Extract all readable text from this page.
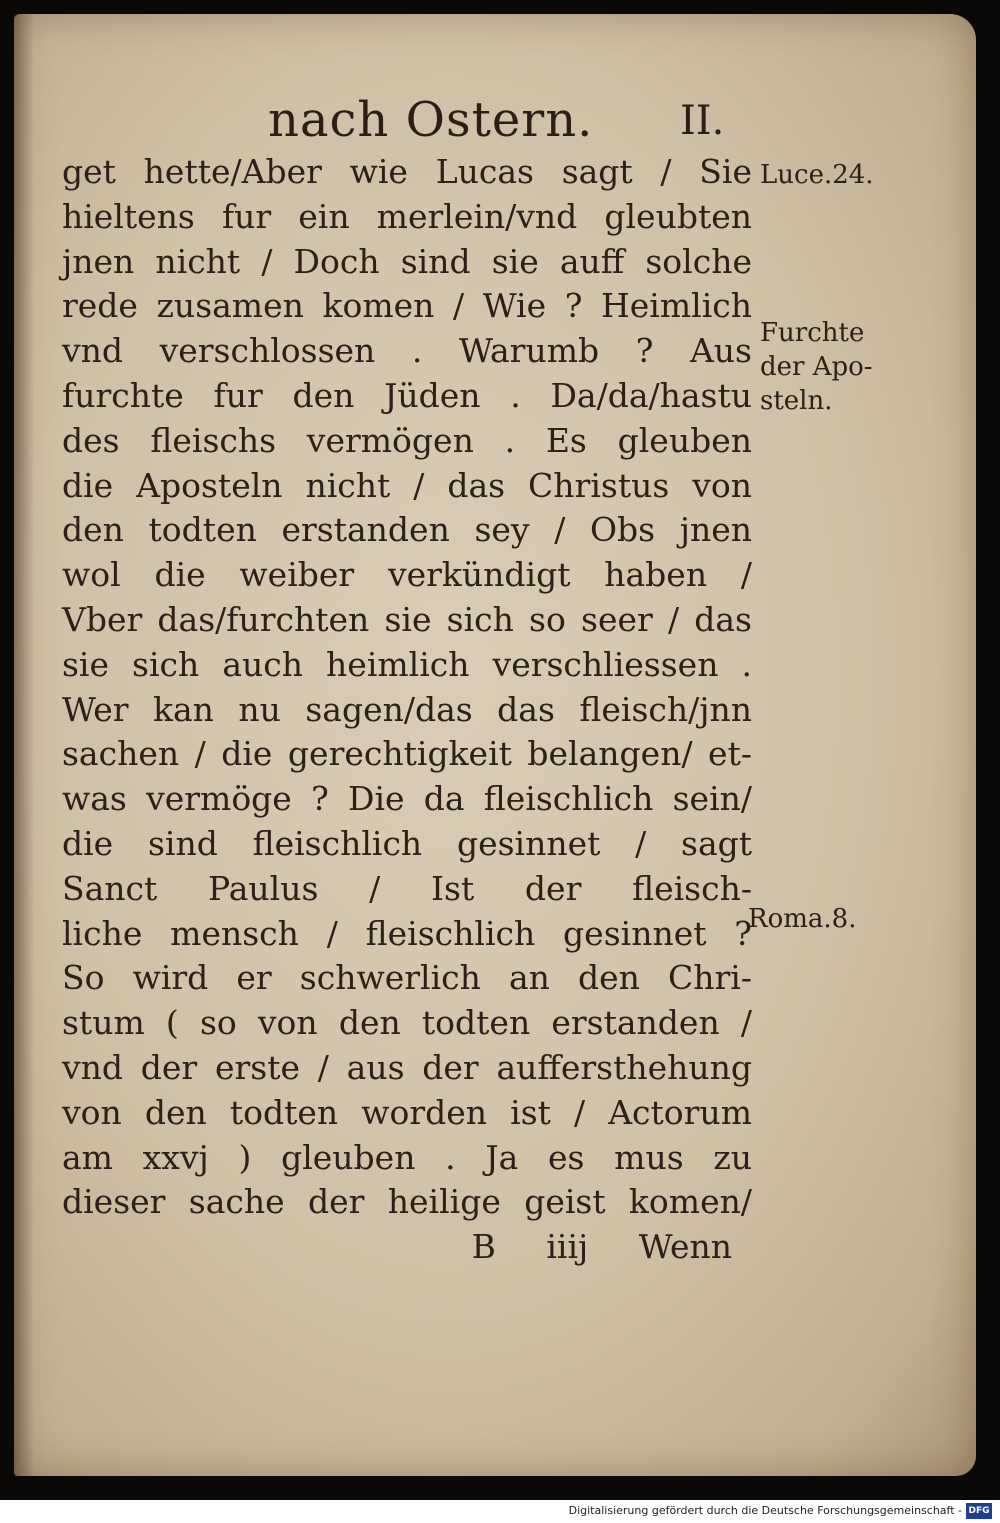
nach Ostern. II.
get hette/Aber wie Lucas sagt / Sie
hieltens fur ein merlein/vnd gleubten
jnen nicht / Doch sind sie auff solche
rede zusamen komen / Wie ? Heimlich
vnd verschlossen . Warumb ? Aus
furchte fur den Jüden . Da/da/hastu
des fleischs vermögen . Es gleuben
die Apostеln nicht / das Christus von
den todten erstanden sey / Obs jnen
wol die weiber verkündigt haben /
Vber das/furchten sie sich so seer / das
sie sich auch heimlich verschliessen .
Wer kan nu sagen/das das fleisch/jnn
sachen / die gerechtigkeit belangen/ et-
was vermöge ? Die da fleischlich sein/
die sind fleischlich gesinnet / sagt
Sanct Paulus / Ist der fleisch-
liche mensch / fleischlich gesinnet ?
So wird er schwerlich an den Chri-
stum ( so von den todten erstanden /
vnd der erste / aus der auffersthehung
von den todten worden ist / Actorum
am xxvj ) gleuben . Ja es mus zu
dieser sache der heilige geist komen/
B iiij Wenn
Luce.24.
Furchte
der Apo-
steln.
Roma.8.
Digitalisierung gefördert durch die Deutsche Forschungsgemeinschaft - DFG
